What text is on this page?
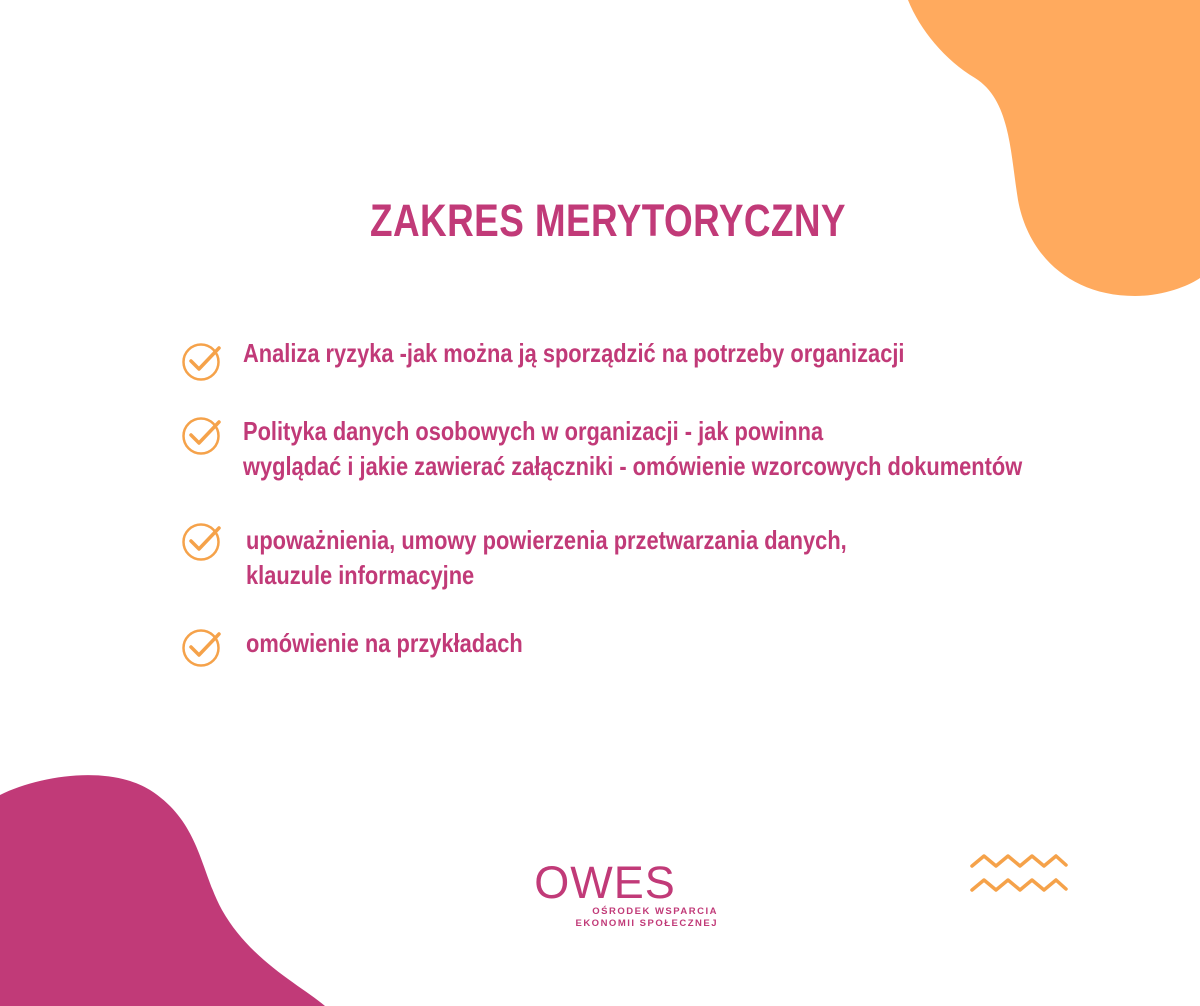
ZAKRES MERYTORYCZNY
Analiza ryzyka -jak można ją sporządzić na potrzeby organizacji
Polityka danych osobowych w organizacji - jak powinna
wyglądać i jakie zawierać załączniki - omówienie wzorcowych dokumentów
upoważnienia, umowy powierzenia przetwarzania danych,
klauzule informacyjne
omówienie na przykładach
OWES
OŚRODEK WSPARCIA
EKONOMII SPOŁECZNEJ
